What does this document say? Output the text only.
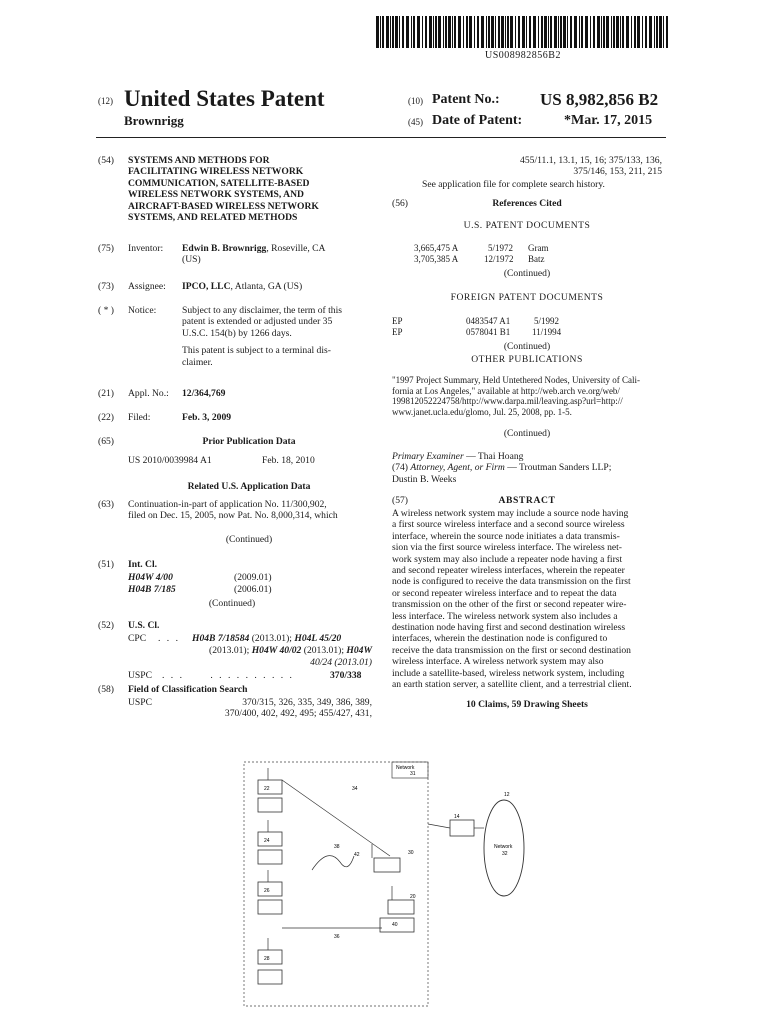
US008982856B2
(12) United States Patent
Brownrigg
(10) Patent No.: US 8,982,856 B2
(45) Date of Patent:	*Mar. 17, 2015
(54)	SYSTEMS AND METHODS FOR
FACILITATING WIRELESS NETWORK
COMMUNICATION, SATELLITE-BASED
WIRELESS NETWORK SYSTEMS, AND
AIRCRAFT-BASED WIRELESS NETWORK
SYSTEMS, AND RELATED METHODS
(75)	Inventor: Edwin B. Brownrigg, Roseville, CA
(US)
(73)	Assignee: IPCO, LLC, Atlanta, GA (US)
( * )	Notice:	Subject to any disclaimer, the term of this
patent is extended or adjusted under 35
U.S.C. 154(b) by 1266 days.
This patent is subject to a terminal dis-
claimer.
(21)	Appl. No.: 12/364,769
(22)	Filed:	Feb. 3, 2009
(65)	Prior Publication Data
US 2010/0039984 A1	Feb. 18, 2010
Related U.S. Application Data
(63)	Continuation-in-part of application No. 11/300,902,
filed on Dec. 15, 2005, now Pat. No. 8,000,314, which
(Continued)
(51)	Int. Cl.
H04W 4/00	(2009.01)
H04B 7/185	(2006.01)
(Continued)
(52)	U.S. Cl.
CPC . . . H04B 7/18584 (2013.01); H04L 45/20
(2013.01); H04W 40/02 (2013.01); H04W
40/24 (2013.01)
USPC . . .      . . . . . . . . . .	370/338
(58)	Field of Classification Search
USPC	370/315, 326, 335, 349, 386, 389,
370/400, 402, 492, 495; 455/427, 431,
455/11.1, 13.1, 15, 16; 375/133, 136,
375/146, 153, 211, 215
See application file for complete search history.
(56)	References Cited
U.S. PATENT DOCUMENTS
3,665,475 A	5/1972 Gram
3,705,385 A	12/1972 Batz
(Continued)
FOREIGN PATENT DOCUMENTS
EP	0483547 A1	5/1992
EP	0578041 B1 11/1994
(Continued)
OTHER PUBLICATIONS
"1997 Project Summary, Held Untethered Nodes, University of Cali-
fornia at Los Angeles," available at http://web.arch ve.org/web/
199812052224758/http://www.darpa.mil/leaving.asp?url=http://
www.janet.ucla.edu/glomo, Jul. 25, 2008, pp. 1-5.
(Continued)
Primary Examiner — Thai Hoang
(74) Attorney, Agent, or Firm — Troutman Sanders LLP;
Dustin B. Weeks
(57)	ABSTRACT
A wireless network system may include a source node having
a first source wireless interface and a second source wireless
interface, wherein the source node initiates a data transmis-
sion via the first source wireless interface. The wireless net-
work system may also include a repeater node having a first
and second repeater wireless interfaces, wherein the repeater
node is configured to receive the data transmission on the first
or second repeater wireless interface and to repeat the data
transmission on the other of the first or second repeater wire-
less interface. The wireless network system also includes a
destination node having first and second destination wireless
interfaces, wherein the destination node is configured to
receive the data transmission on the first or second destination
wireless interface. A wireless network system may also
include a satellite-based, wireless network system, including
an earth station server, a satellite client, and a terrestrial client.
10 Claims, 59 Drawing Sheets
Network
31
Network
32
12
14
22
24
26
28
40
42	30
20
34
36
38
